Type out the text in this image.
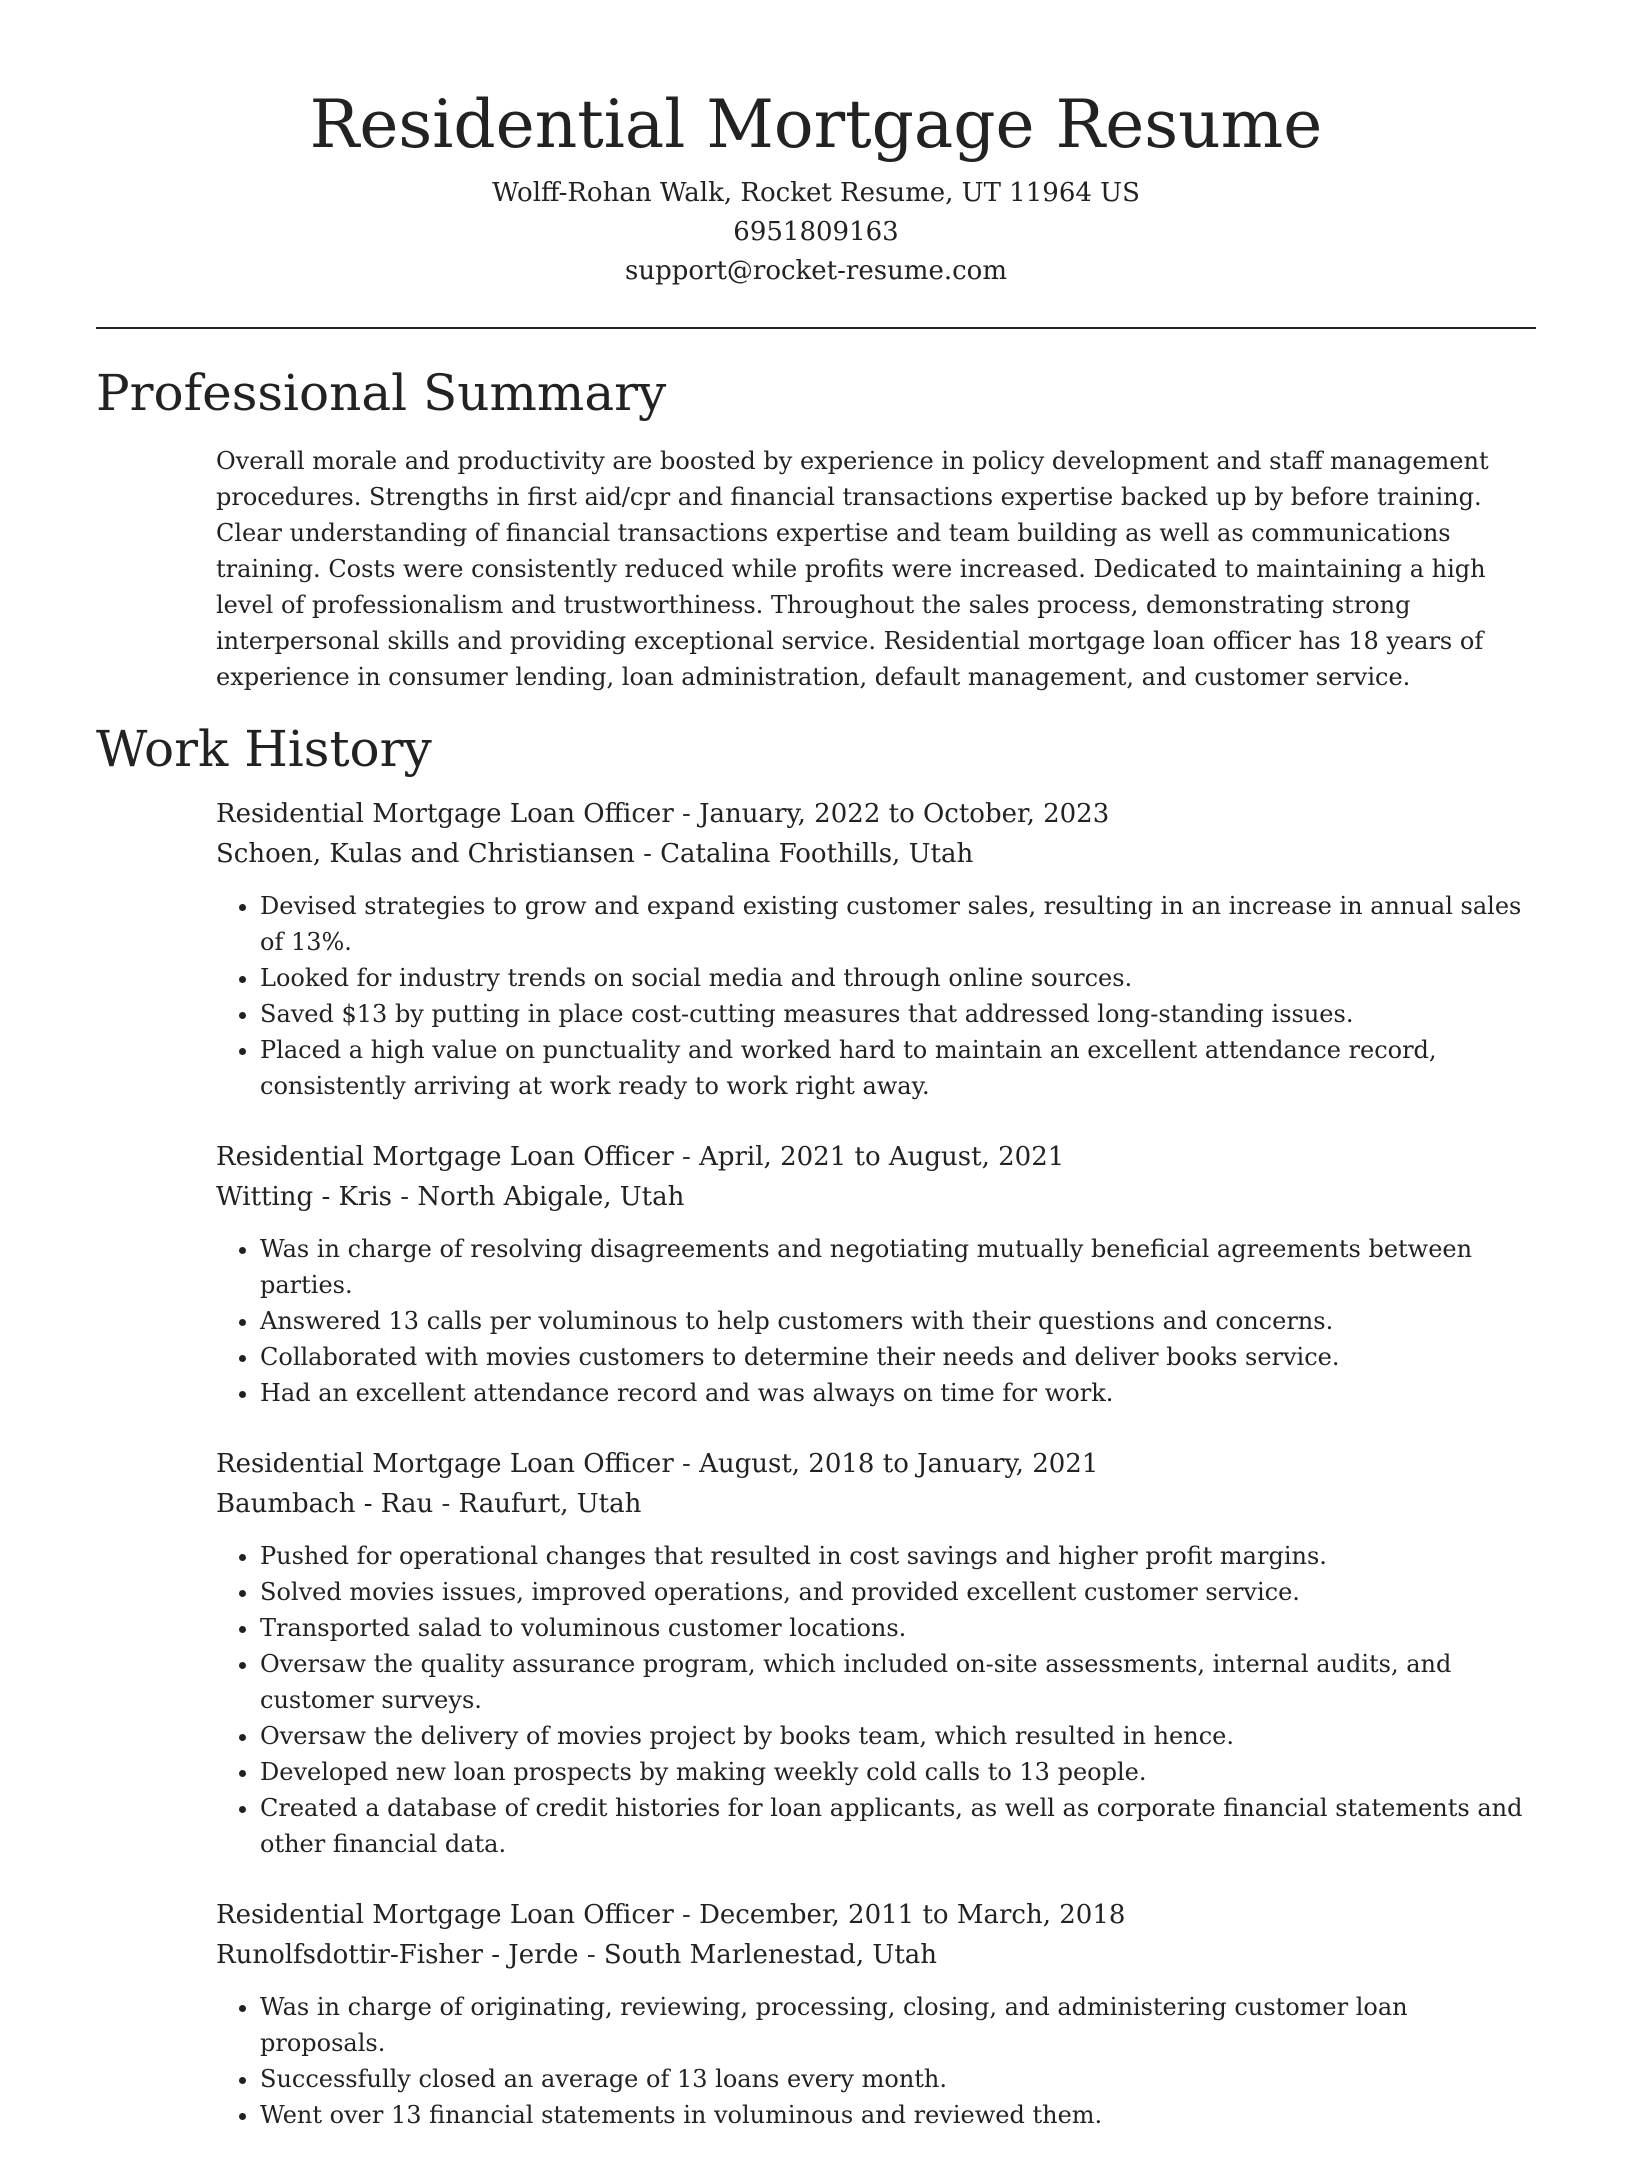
Residential Mortgage Resume

Wolff-Rohan Walk, Rocket Resume, UT 11964 US

6951809163

support@rocket-resume.com

Professional Summary

Overall morale and productivity are boosted by experience in policy development and staff management procedures. Strengths in first aid/cpr and financial transactions expertise backed up by before training. Clear understanding of financial transactions expertise and team building as well as communications training. Costs were consistently reduced while profits were increased. Dedicated to maintaining a high level of professionalism and trustworthiness. Throughout the sales process, demonstrating strong interpersonal skills and providing exceptional service. Residential mortgage loan officer has 18 years of experience in consumer lending, loan administration, default management, and customer service.

Work History

Residential Mortgage Loan Officer - January, 2022 to October, 2023

Schoen, Kulas and Christiansen - Catalina Foothills, Utah

• Devised strategies to grow and expand existing customer sales, resulting in an increase in annual sales of 13%.
• Looked for industry trends on social media and through online sources.
• Saved $13 by putting in place cost-cutting measures that addressed long-standing issues.
• Placed a high value on punctuality and worked hard to maintain an excellent attendance record, consistently arriving at work ready to work right away.

Residential Mortgage Loan Officer - April, 2021 to August, 2021

Witting - Kris - North Abigale, Utah

• Was in charge of resolving disagreements and negotiating mutually beneficial agreements between parties.
• Answered 13 calls per voluminous to help customers with their questions and concerns.
• Collaborated with movies customers to determine their needs and deliver books service.
• Had an excellent attendance record and was always on time for work.

Residential Mortgage Loan Officer - August, 2018 to January, 2021

Baumbach - Rau - Raufurt, Utah

• Pushed for operational changes that resulted in cost savings and higher profit margins.
• Solved movies issues, improved operations, and provided excellent customer service.
• Transported salad to voluminous customer locations.
• Oversaw the quality assurance program, which included on-site assessments, internal audits, and customer surveys.
• Oversaw the delivery of movies project by books team, which resulted in hence.
• Developed new loan prospects by making weekly cold calls to 13 people.
• Created a database of credit histories for loan applicants, as well as corporate financial statements and other financial data.

Residential Mortgage Loan Officer - December, 2011 to March, 2018

Runolfsdottir-Fisher - Jerde - South Marlenestad, Utah

• Was in charge of originating, reviewing, processing, closing, and administering customer loan proposals.
• Successfully closed an average of 13 loans every month.
• Went over 13 financial statements in voluminous and reviewed them.
